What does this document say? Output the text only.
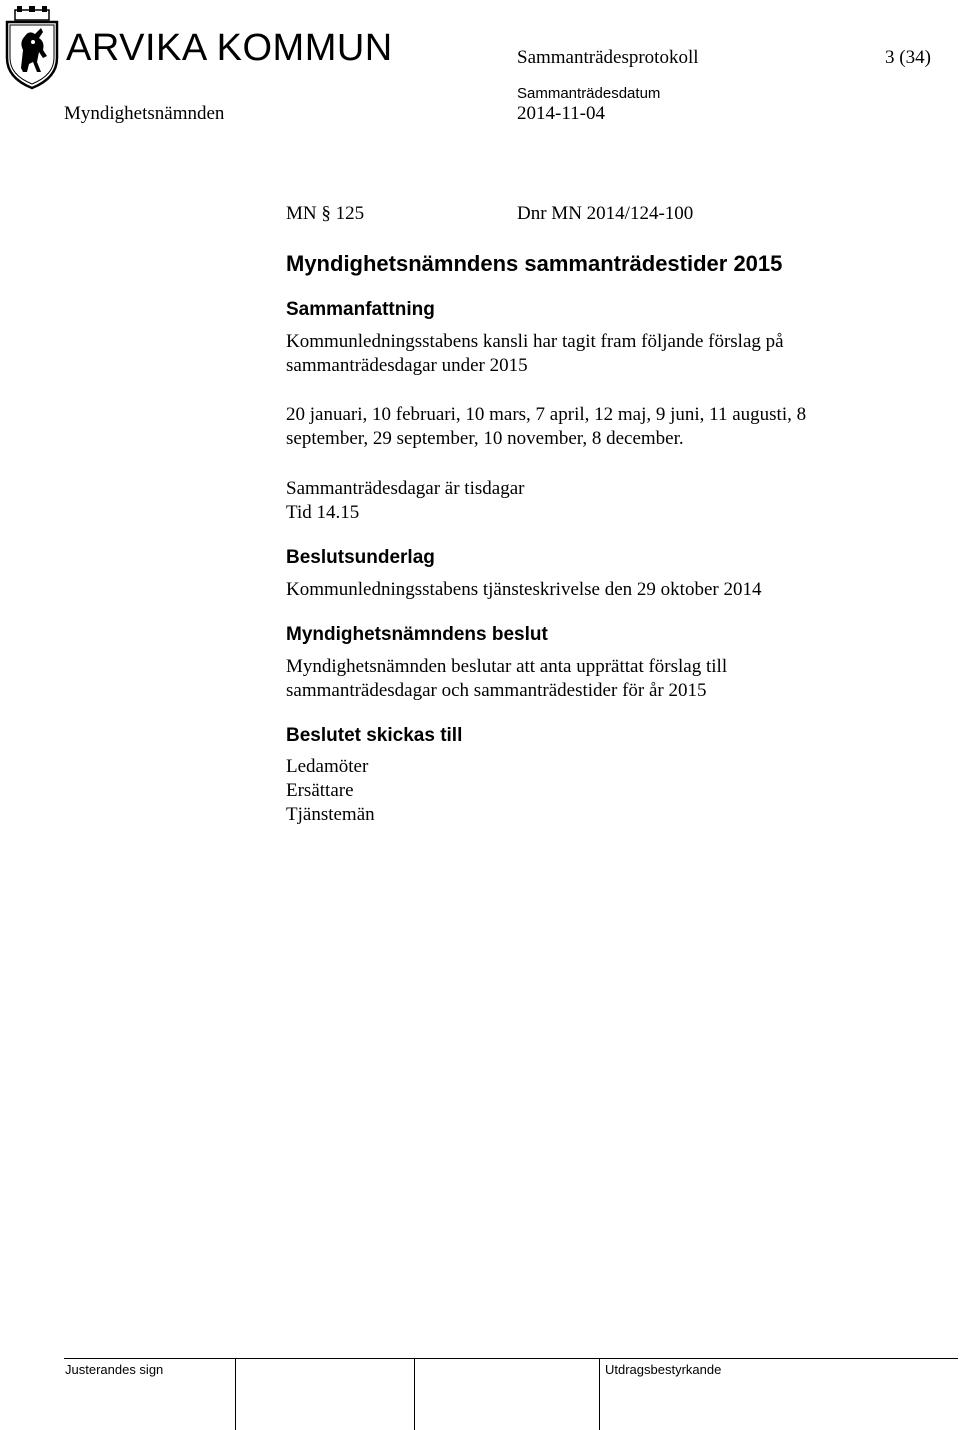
ARVIKA KOMMUN	Sammanträdesprotokoll	3 (34)
Myndighetsnämnden
Sammanträdesdatum
2014-11-04
MN § 125	Dnr MN 2014/124-100
Myndighetsnämndens sammanträdestider 2015
Sammanfattning
Kommunledningsstabens kansli har tagit fram följande förslag på
sammanträdesdagar under 2015
20 januari, 10 februari, 10 mars, 7 april, 12 maj, 9 juni, 11 augusti, 8
september, 29 september, 10 november, 8 december.
Sammanträdesdagar är tisdagar
Tid 14.15
Beslutsunderlag
Kommunledningsstabens tjänsteskrivelse den 29 oktober 2014
Myndighetsnämndens beslut
Myndighetsnämnden beslutar att anta upprättat förslag till
sammanträdesdagar och sammanträdestider för år 2015
Beslutet skickas till
Ledamöter
Ersättare
Tjänstemän
Justerandes sign	Utdragsbestyrkande
